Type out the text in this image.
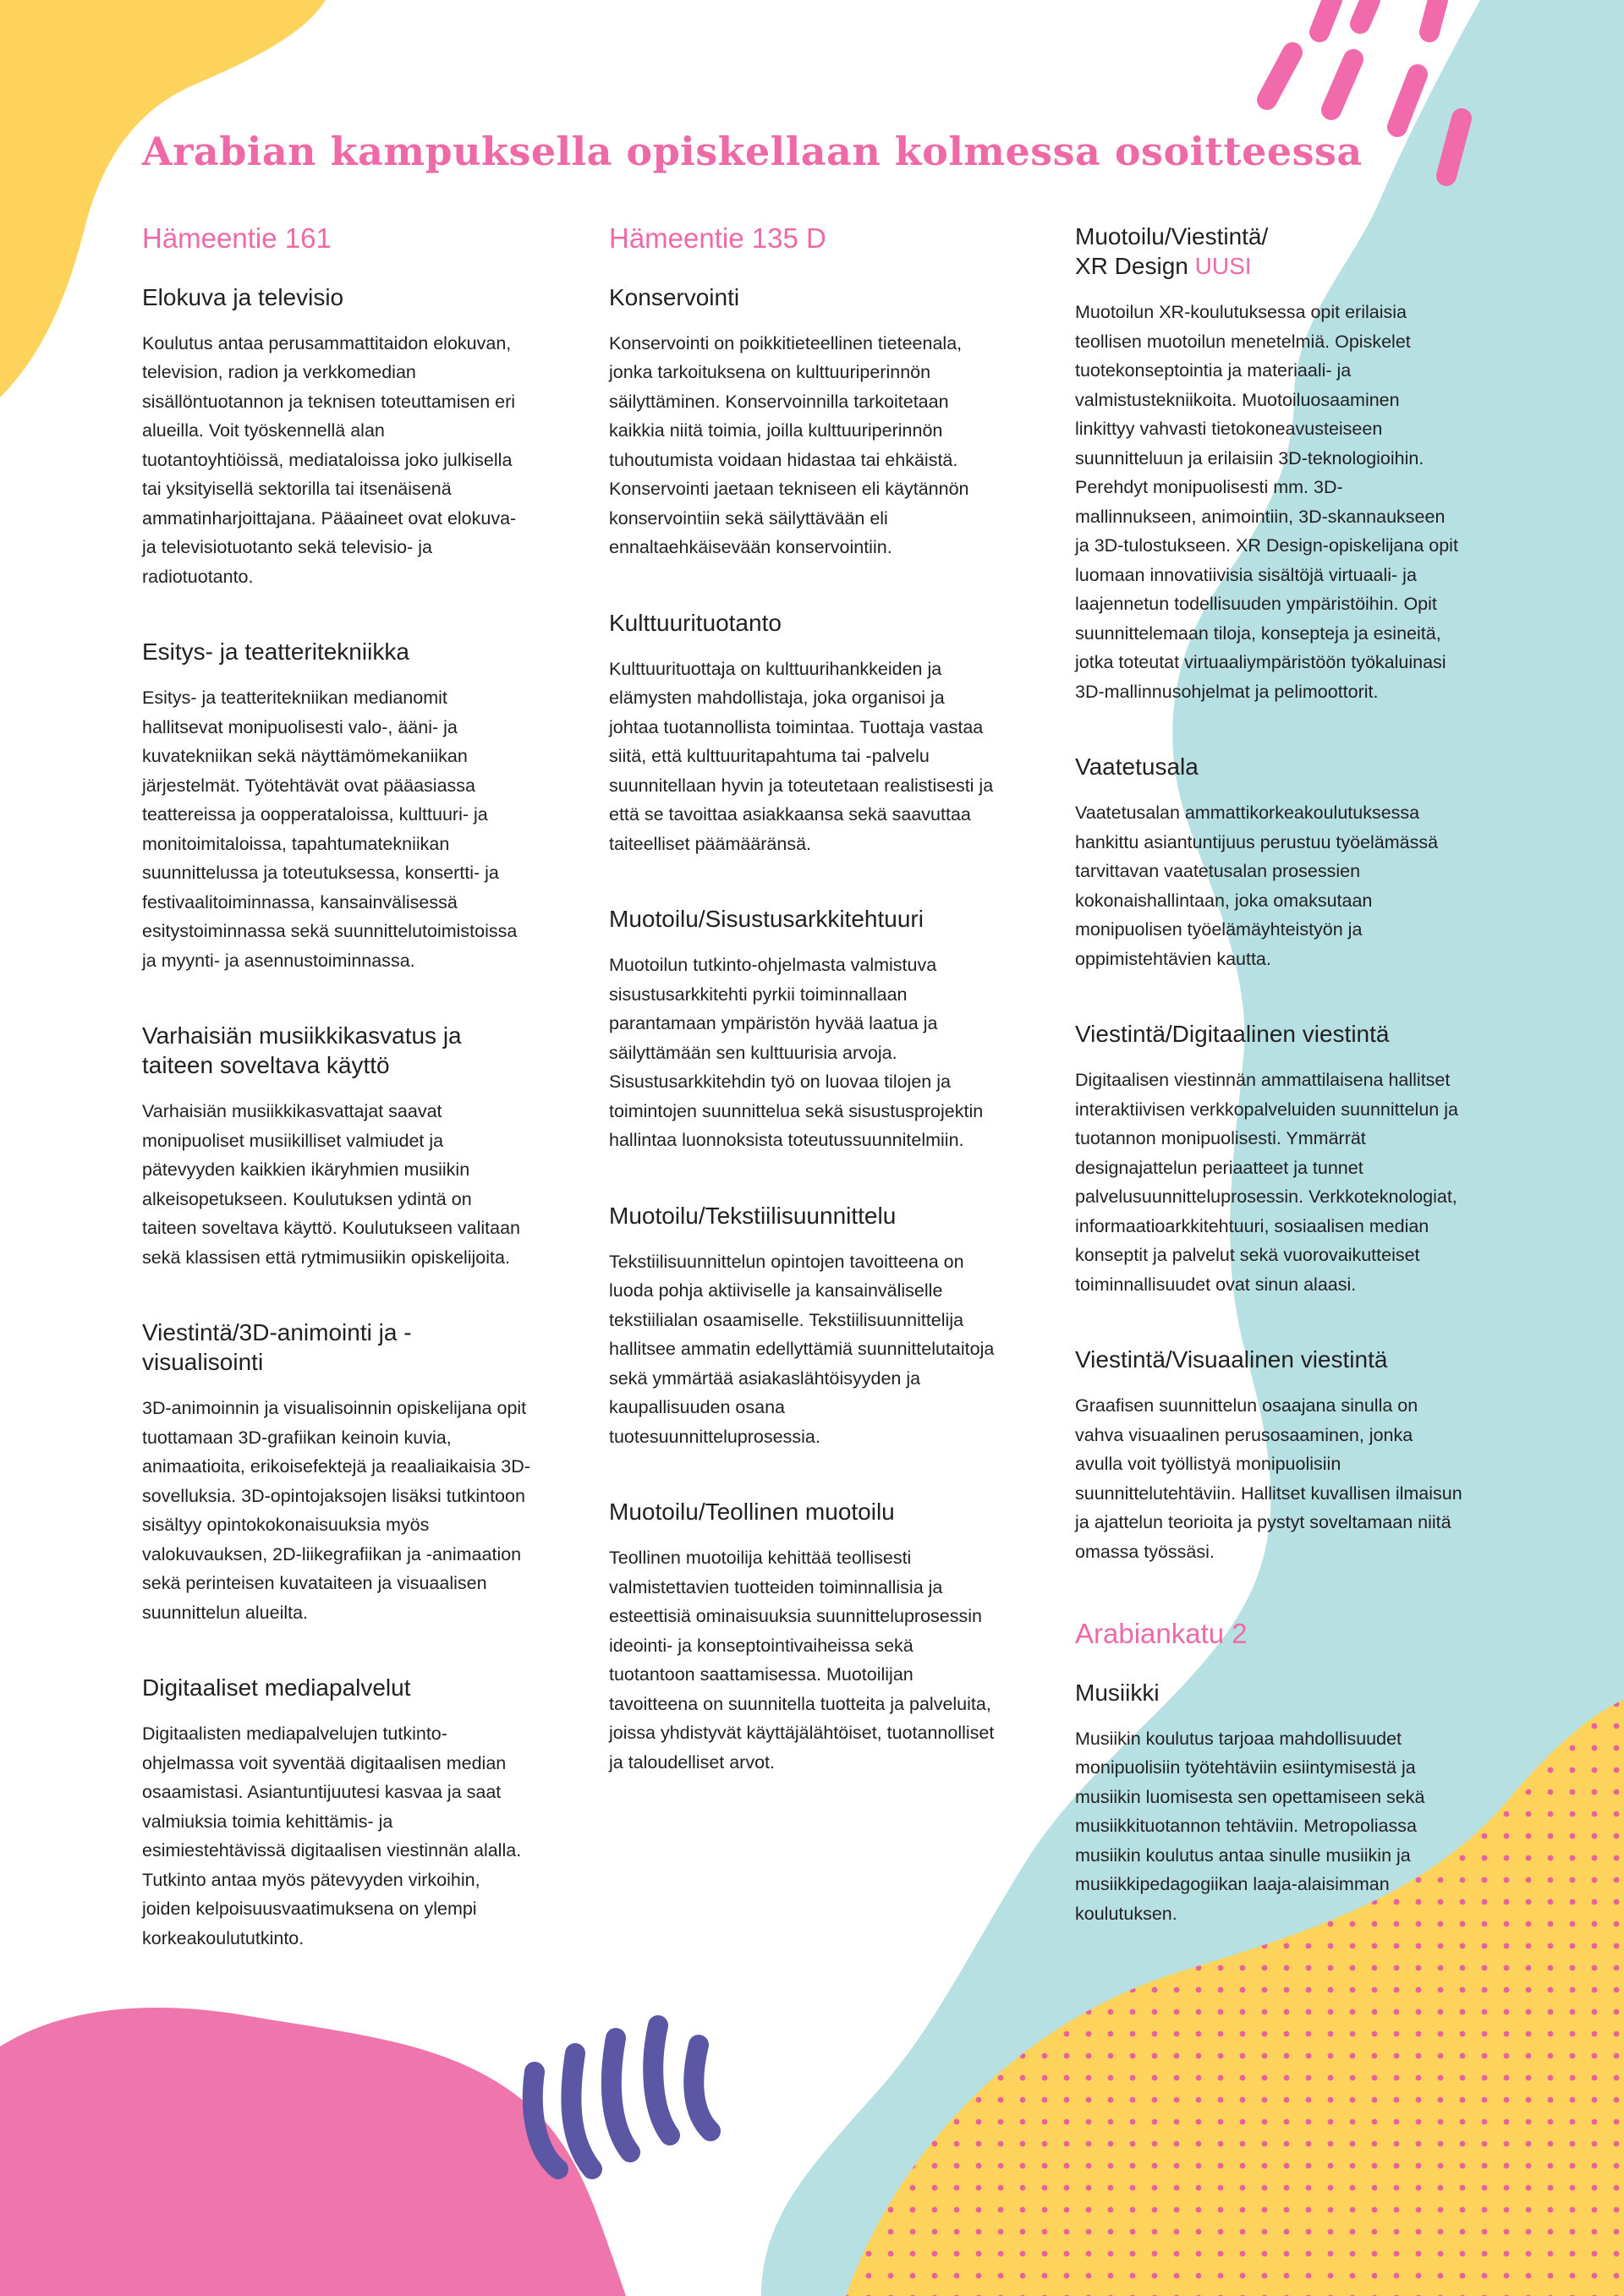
Arabian kampuksella opiskellaan kolmessa osoitteessa
Hämeentie 161
Elokuva ja televisio

Koulutus antaa perusammattitaidon elokuvan, television, radion ja verkkomedian sisällöntuotannon ja teknisen toteuttamisen eri alueilla. Voit työskennellä alan tuotantoyhtiöissä, mediataloissa joko julkisella tai yksityisellä sektorilla tai itsenäisenä ammatinharjoittajana. Pääaineet ovat elokuva- ja televisiotuotanto sekä televisio- ja radiotuotanto.

Esitys- ja teatteritekniikka

Esitys- ja teatteritekniikan medianomit hallitsevat monipuolisesti valo-, ääni- ja kuvatekniikan sekä näyttämömekaniikan järjestelmät. Työtehtävät ovat pääasiassa teattereissa ja oopperataloissa, kulttuuri- ja monitoimitaloissa, tapahtumatekniikan suunnittelussa ja toteutuksessa, konsertti- ja festivaalitoiminnassa, kansainvälisessä esitystoiminnassa sekä suunnittelutoimistoissa ja myynti- ja asennustoiminnassa.

Varhaisiän musiikkikasvatus ja taiteen soveltava käyttö

Varhaisiän musiikkikasvattajat saavat monipuoliset musiikilliset valmiudet ja pätevyyden kaikkien ikäryhmien musiikin alkeisopetukseen. Koulutuksen ydintä on taiteen soveltava käyttö. Koulutukseen valitaan sekä klassisen että rytmimusiikin opiskelijoita.

Viestintä/3D-animointi ja -visualisointi

3D-animoinnin ja visualisoinnin opiskelijana opit tuottamaan 3D-grafiikan keinoin kuvia, animaatioita, erikoisefektejä ja reaaliaikaisia 3D-sovelluksia. 3D-opintojaksojen lisäksi tutkintoon sisältyy opintokokonaisuuksia myös valokuvauksen, 2D-liikegrafiikan ja -animaation sekä perinteisen kuvataiteen ja visuaalisen suunnittelun alueilta.

Digitaaliset mediapalvelut

Digitaalisten mediapalvelujen tutkinto-ohjelmassa voit syventää digitaalisen median osaamistasi. Asiantuntijuutesi kasvaa ja saat valmiuksia toimia kehittämis- ja esimiestehtävissä digitaalisen viestinnän alalla. Tutkinto antaa myös pätevyyden virkoihin, joiden kelpoisuusvaatimuksena on ylempi korkeakoulututkinto.

Hämeentie 135 D
Konservointi

Konservointi on poikkitieteellinen tieteenala, jonka tarkoituksena on kulttuuriperinnön säilyttäminen. Konservoinnilla tarkoitetaan kaikkia niitä toimia, joilla kulttuuriperinnön tuhoutumista voidaan hidastaa tai ehkäistä. Konservointi jaetaan tekniseen eli käytännön konservointiin sekä säilyttävään eli ennaltaehkäisevään konservointiin.

Kulttuurituotanto

Kulttuurituottaja on kulttuurihankkeiden ja elämysten mahdollistaja, joka organisoi ja johtaa tuotannollista toimintaa. Tuottaja vastaa siitä, että kulttuuritapahtuma tai -palvelu suunnitellaan hyvin ja toteutetaan realistisesti ja että se tavoittaa asiakkaansa sekä saavuttaa taiteelliset päämääränsä.

Muotoilu/Sisustusarkkitehtuuri

Muotoilun tutkinto-ohjelmasta valmistuva sisustusarkkitehti pyrkii toiminnallaan parantamaan ympäristön hyvää laatua ja säilyttämään sen kulttuurisia arvoja. Sisustusarkkitehdin työ on luovaa tilojen ja toimintojen suunnittelua sekä sisustusprojektin hallintaa luonnoksista toteutussuunnitelmiin.

Muotoilu/Tekstiilisuunnittelu

Tekstiilisuunnittelun opintojen tavoitteena on luoda pohja aktiiviselle ja kansainväliselle tekstiilialan osaamiselle. Tekstiilisuunnittelija hallitsee ammatin edellyttämiä suunnittelutaitoja sekä ymmärtää asiakaslähtöisyyden ja kaupallisuuden osana tuotesuunnitteluprosessia.

Muotoilu/Teollinen muotoilu

Teollinen muotoilija kehittää teollisesti valmistettavien tuotteiden toiminnallisia ja esteettisiä ominaisuuksia suunnitteluprosessin ideointi- ja konseptointivaiheissa sekä tuotantoon saattamisessa. Muotoilijan tavoitteena on suunnitella tuotteita ja palveluita, joissa yhdistyvät käyttäjälähtöiset, tuotannolliset ja taloudelliset arvot.

Muotoilu/Viestintä/
XR Design UUSI

Muotoilun XR-koulutuksessa opit erilaisia teollisen muotoilun menetelmiä. Opiskelet tuotekonseptointia ja materiaali- ja valmistustekniikoita. Muotoiluosaaminen linkittyy vahvasti tietokoneavusteiseen suunnitteluun ja erilaisiin 3D-teknologioihin. Perehdyt monipuolisesti mm. 3D-mallinnukseen, animointiin, 3D-skannaukseen ja 3D-tulostukseen. XR Design-opiskelijana opit luomaan innovatiivisia sisältöjä virtuaali- ja laajennetun todellisuuden ympäristöihin. Opit suunnittelemaan tiloja, konsepteja ja esineitä, jotka toteutat virtuaaliympäristöön työkaluinasi 3D-mallinnusohjelmat ja pelimoottorit.

Vaatetusala

Vaatetusalan ammattikorkeakoulutuksessa hankittu asiantuntijuus perustuu työelämässä tarvittavan vaatetusalan prosessien kokonaishallintaan, joka omaksutaan monipuolisen työelämäyhteistyön ja oppimistehtävien kautta.

Viestintä/Digitaalinen viestintä

Digitaalisen viestinnän ammattilaisena hallitset interaktiivisen verkkopalveluiden suunnittelun ja tuotannon monipuolisesti. Ymmärrät designajattelun periaatteet ja tunnet palvelusuunnitteluprosessin. Verkkoteknologiat, informaatioarkkitehtuuri, sosiaalisen median konseptit ja palvelut sekä vuorovaikutteiset toiminnallisuudet ovat sinun alaasi.

Viestintä/Visuaalinen viestintä

Graafisen suunnittelun osaajana sinulla on vahva visuaalinen perusosaaminen, jonka avulla voit työllistyä monipuolisiin suunnittelutehtäviin. Hallitset kuvallisen ilmaisun ja ajattelun teorioita ja pystyt soveltamaan niitä omassa työssäsi.

Arabiankatu 2
Musiikki

Musiikin koulutus tarjoaa mahdollisuudet monipuolisiin työtehtäviin esiintymisestä ja musiikin luomisesta sen opettamiseen sekä musiikkituotannon tehtäviin. Metropoliassa musiikin koulutus antaa sinulle musiikin ja musiikkipedagogiikan laaja-alaisimman koulutuksen.
